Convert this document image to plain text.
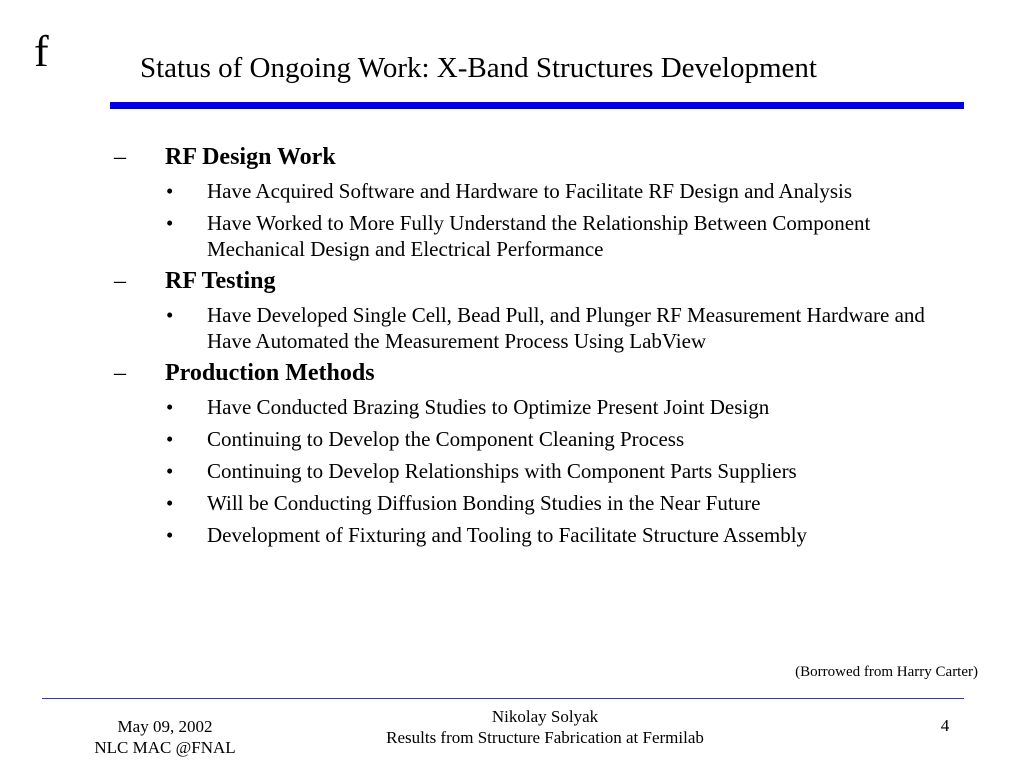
f	Status of Ongoing Work: X-Band Structures Development
– RF Design Work
• Have Acquired Software and Hardware to Facilitate RF Design and Analysis
• Have Worked to More Fully Understand the Relationship Between Component Mechanical Design and Electrical Performance
– RF Testing
• Have Developed Single Cell, Bead Pull, and Plunger RF Measurement Hardware and Have Automated the Measurement Process Using LabView
– Production Methods
• Have Conducted Brazing Studies to Optimize Present Joint Design
• Continuing to Develop the Component Cleaning Process
• Continuing to Develop Relationships with Component Parts Suppliers
• Will be Conducting Diffusion Bonding Studies in the Near Future
• Development of Fixturing and Tooling to Facilitate Structure Assembly
(Borrowed from Harry Carter)
May 09, 2002
NLC MAC @FNAL
Nikolay Solyak
Results from Structure Fabrication at Fermilab
4
